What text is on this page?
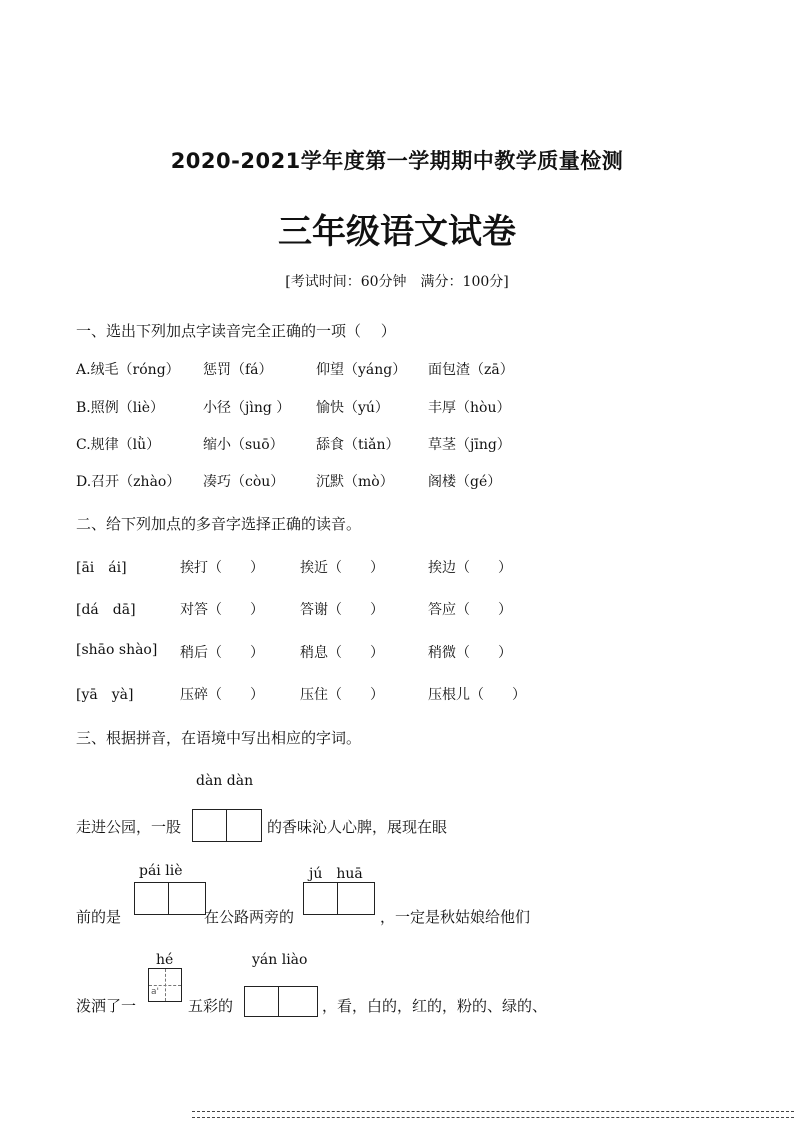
2020-2021学年度第一学期期中教学质量检测
三年级语文试卷
[考试时间：60分钟　满分：100分]
一、选出下列加点字读音完全正确的一项（　 ）
A.绒毛（róng） 惩罚（fá）	仰望（yáng） 面包渣（zā）
B.照例（liè）	小径（jìng ） 愉快（yú）	丰厚（hòu）
C.规律（lǜ）	缩小（suō） 舔食（tiǎn） 草茎（jīng）
D.召开（zhào） 凑巧（còu） 沉默（mò） 阁楼（gé）
二、给下列加点的多音字选择正确的读音。
[āi　ái]	挨打（　　）	挨近（　　）	挨边（　　）
[dá　dā]	对答（　　）	答谢（　　）	答应（　　）
[shāo shào] 稍后（　　）	稍息（　　）	稍微（　　）
[yā　yà]	压碎（　　）	压住（　　）	压根儿（　　）
三、根据拼音，在语境中写出相应的字词。
dàn dàn
走进公园，一股	的香味沁人心脾，展现在眼
pái liè	jú　huā
前的是	在公路两旁的	，一定是秋姑娘给他们
hé	yán liào
泼洒了一
a'
五彩的	，看，白的，红的，粉的、绿的、
